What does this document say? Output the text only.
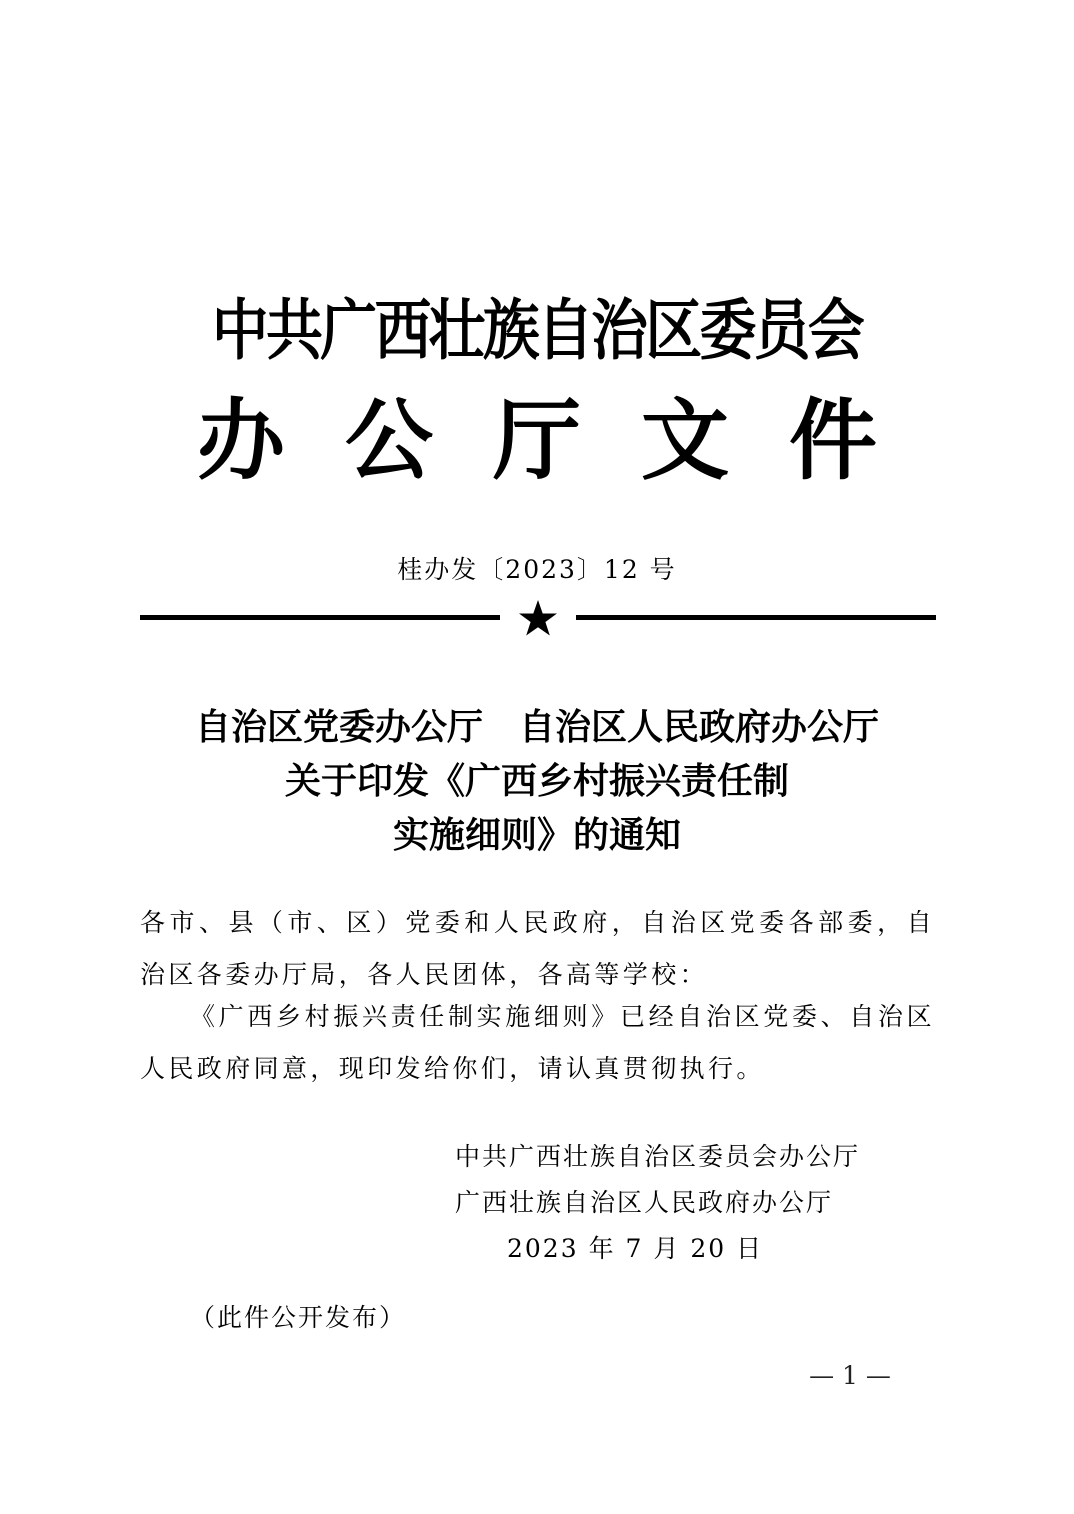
中共广西壮族自治区委员会
办公厅文件
桂办发〔2023〕12 号
自治区党委办公厅　自治区人民政府办公厅
关于印发《广西乡村振兴责任制
实施细则》的通知
各市、县（市、区）党委和人民政府，自治区党委各部委，自治区各委办厅局，各人民团体，各高等学校：
《广西乡村振兴责任制实施细则》已经自治区党委、自治区人民政府同意，现印发给你们，请认真贯彻执行。
中共广西壮族自治区委员会办公厅
广西壮族自治区人民政府办公厅
2023 年 7 月 20 日
（此件公开发布）
— 1 —
